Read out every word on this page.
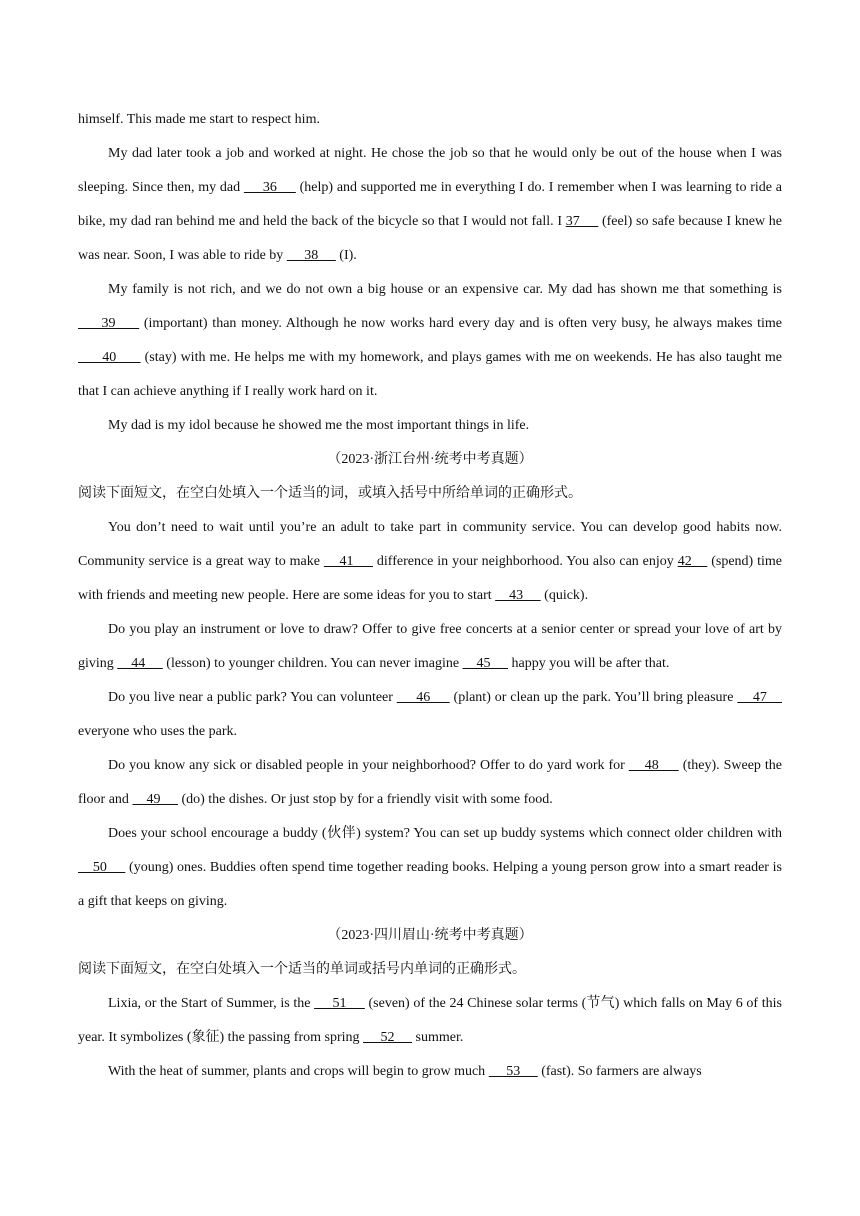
himself. This made me start to respect him.

My dad later took a job and worked at night. He chose the job so that he would only be out of the house when I was sleeping. Since then, my dad      36      (help) and supported me in everything I do. I remember when I was learning to ride a bike, my dad ran behind me and held the back of the bicycle so that I would not fall. I 37      (feel) so safe because I knew he was near. Soon, I was able to ride by      38      (I).

My family is not rich, and we do not own a big house or an expensive car. My dad has shown me that something is      39      (important) than money. Although he now works hard every day and is often very busy, he always makes time       40       (stay) with me. He helps me with my homework, and plays games with me on weekends. He has also taught me that I can achieve anything if I really work hard on it.

My dad is my idol because he showed me the most important things in life.

（2023·浙江台州·统考中考真题）

阅读下面短文，在空白处填入一个适当的词，或填入括号中所给单词的正确形式。

You don’t need to wait until you’re an adult to take part in community service. You can develop good habits now. Community service is a great way to make     41      difference in your neighborhood. You also can enjoy 42     (spend) time with friends and meeting new people. Here are some ideas for you to start     43      (quick).

Do you play an instrument or love to draw? Offer to give free concerts at a senior center or spread your love of art by giving     44      (lesson) to younger children. You can never imagine     45      happy you will be after that.

Do you live near a public park? You can volunteer      46      (plant) or clean up the park. You’ll bring pleasure     47     everyone who uses the park.

Do you know any sick or disabled people in your neighborhood? Offer to do yard work for     48      (they). Sweep the floor and     49      (do) the dishes. Or just stop by for a friendly visit with some food.

Does your school encourage a buddy (伙伴) system? You can set up buddy systems which connect older children with     50      (young) ones. Buddies often spend time together reading books. Helping a young person grow into a smart reader is a gift that keeps on giving.

（2023·四川眉山·统考中考真题）

阅读下面短文，在空白处填入一个适当的单词或括号内单词的正确形式。

Lixia, or the Start of Summer, is the      51      (seven) of the 24 Chinese solar terms (节气) which falls on May 6 of this year. It symbolizes (象征) the passing from spring      52      summer.

With the heat of summer, plants and crops will begin to grow much      53      (fast). So farmers are always
